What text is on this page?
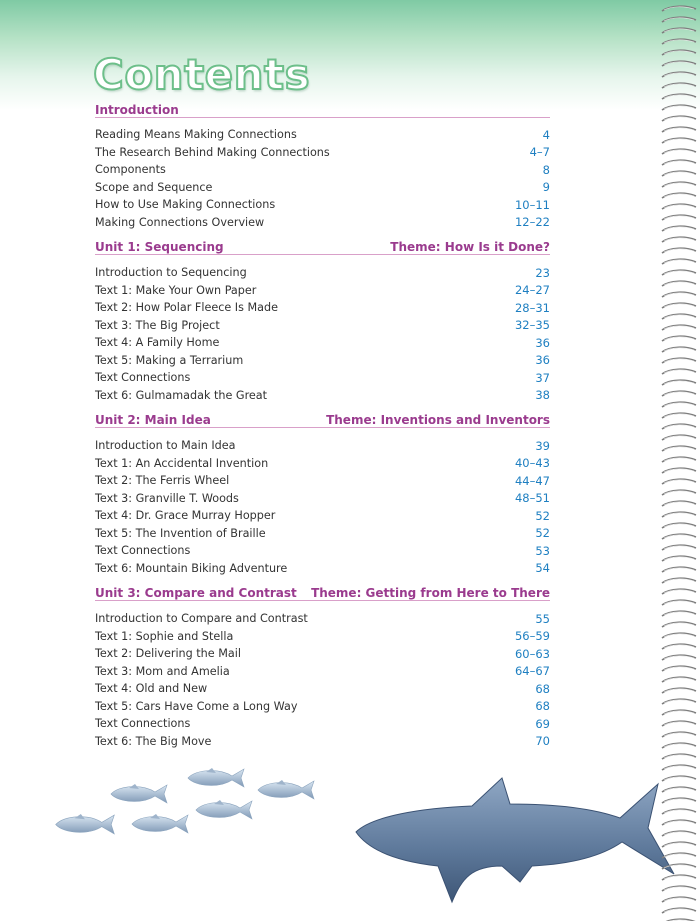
Contents
Introduction
Reading Means Making Connections	4
The Research Behind Making Connections	4–7
Components	8
Scope and Sequence	9
How to Use Making Connections	10–11
Making Connections Overview	12–22
Unit 1: Sequencing	Theme: How Is it Done?
Introduction to Sequencing	23
Text 1: Make Your Own Paper	24–27
Text 2: How Polar Fleece Is Made	28–31
Text 3: The Big Project	32–35
Text 4: A Family Home	36
Text 5: Making a Terrarium	36
Text Connections	37
Text 6: Gulmamadak the Great	38
Unit 2: Main Idea	Theme: Inventions and Inventors
Introduction to Main Idea	39
Text 1: An Accidental Invention	40–43
Text 2: The Ferris Wheel	44–47
Text 3: Granville T. Woods	48–51
Text 4: Dr. Grace Murray Hopper	52
Text 5: The Invention of Braille	52
Text Connections	53
Text 6: Mountain Biking Adventure	54
Unit 3: Compare and Contrast Theme: Getting from Here to There
Introduction to Compare and Contrast	55
Text 1: Sophie and Stella	56–59
Text 2: Delivering the Mail	60–63
Text 3: Mom and Amelia	64–67
Text 4: Old and New	68
Text 5: Cars Have Come a Long Way	68
Text Connections	69
Text 6: The Big Move	70
